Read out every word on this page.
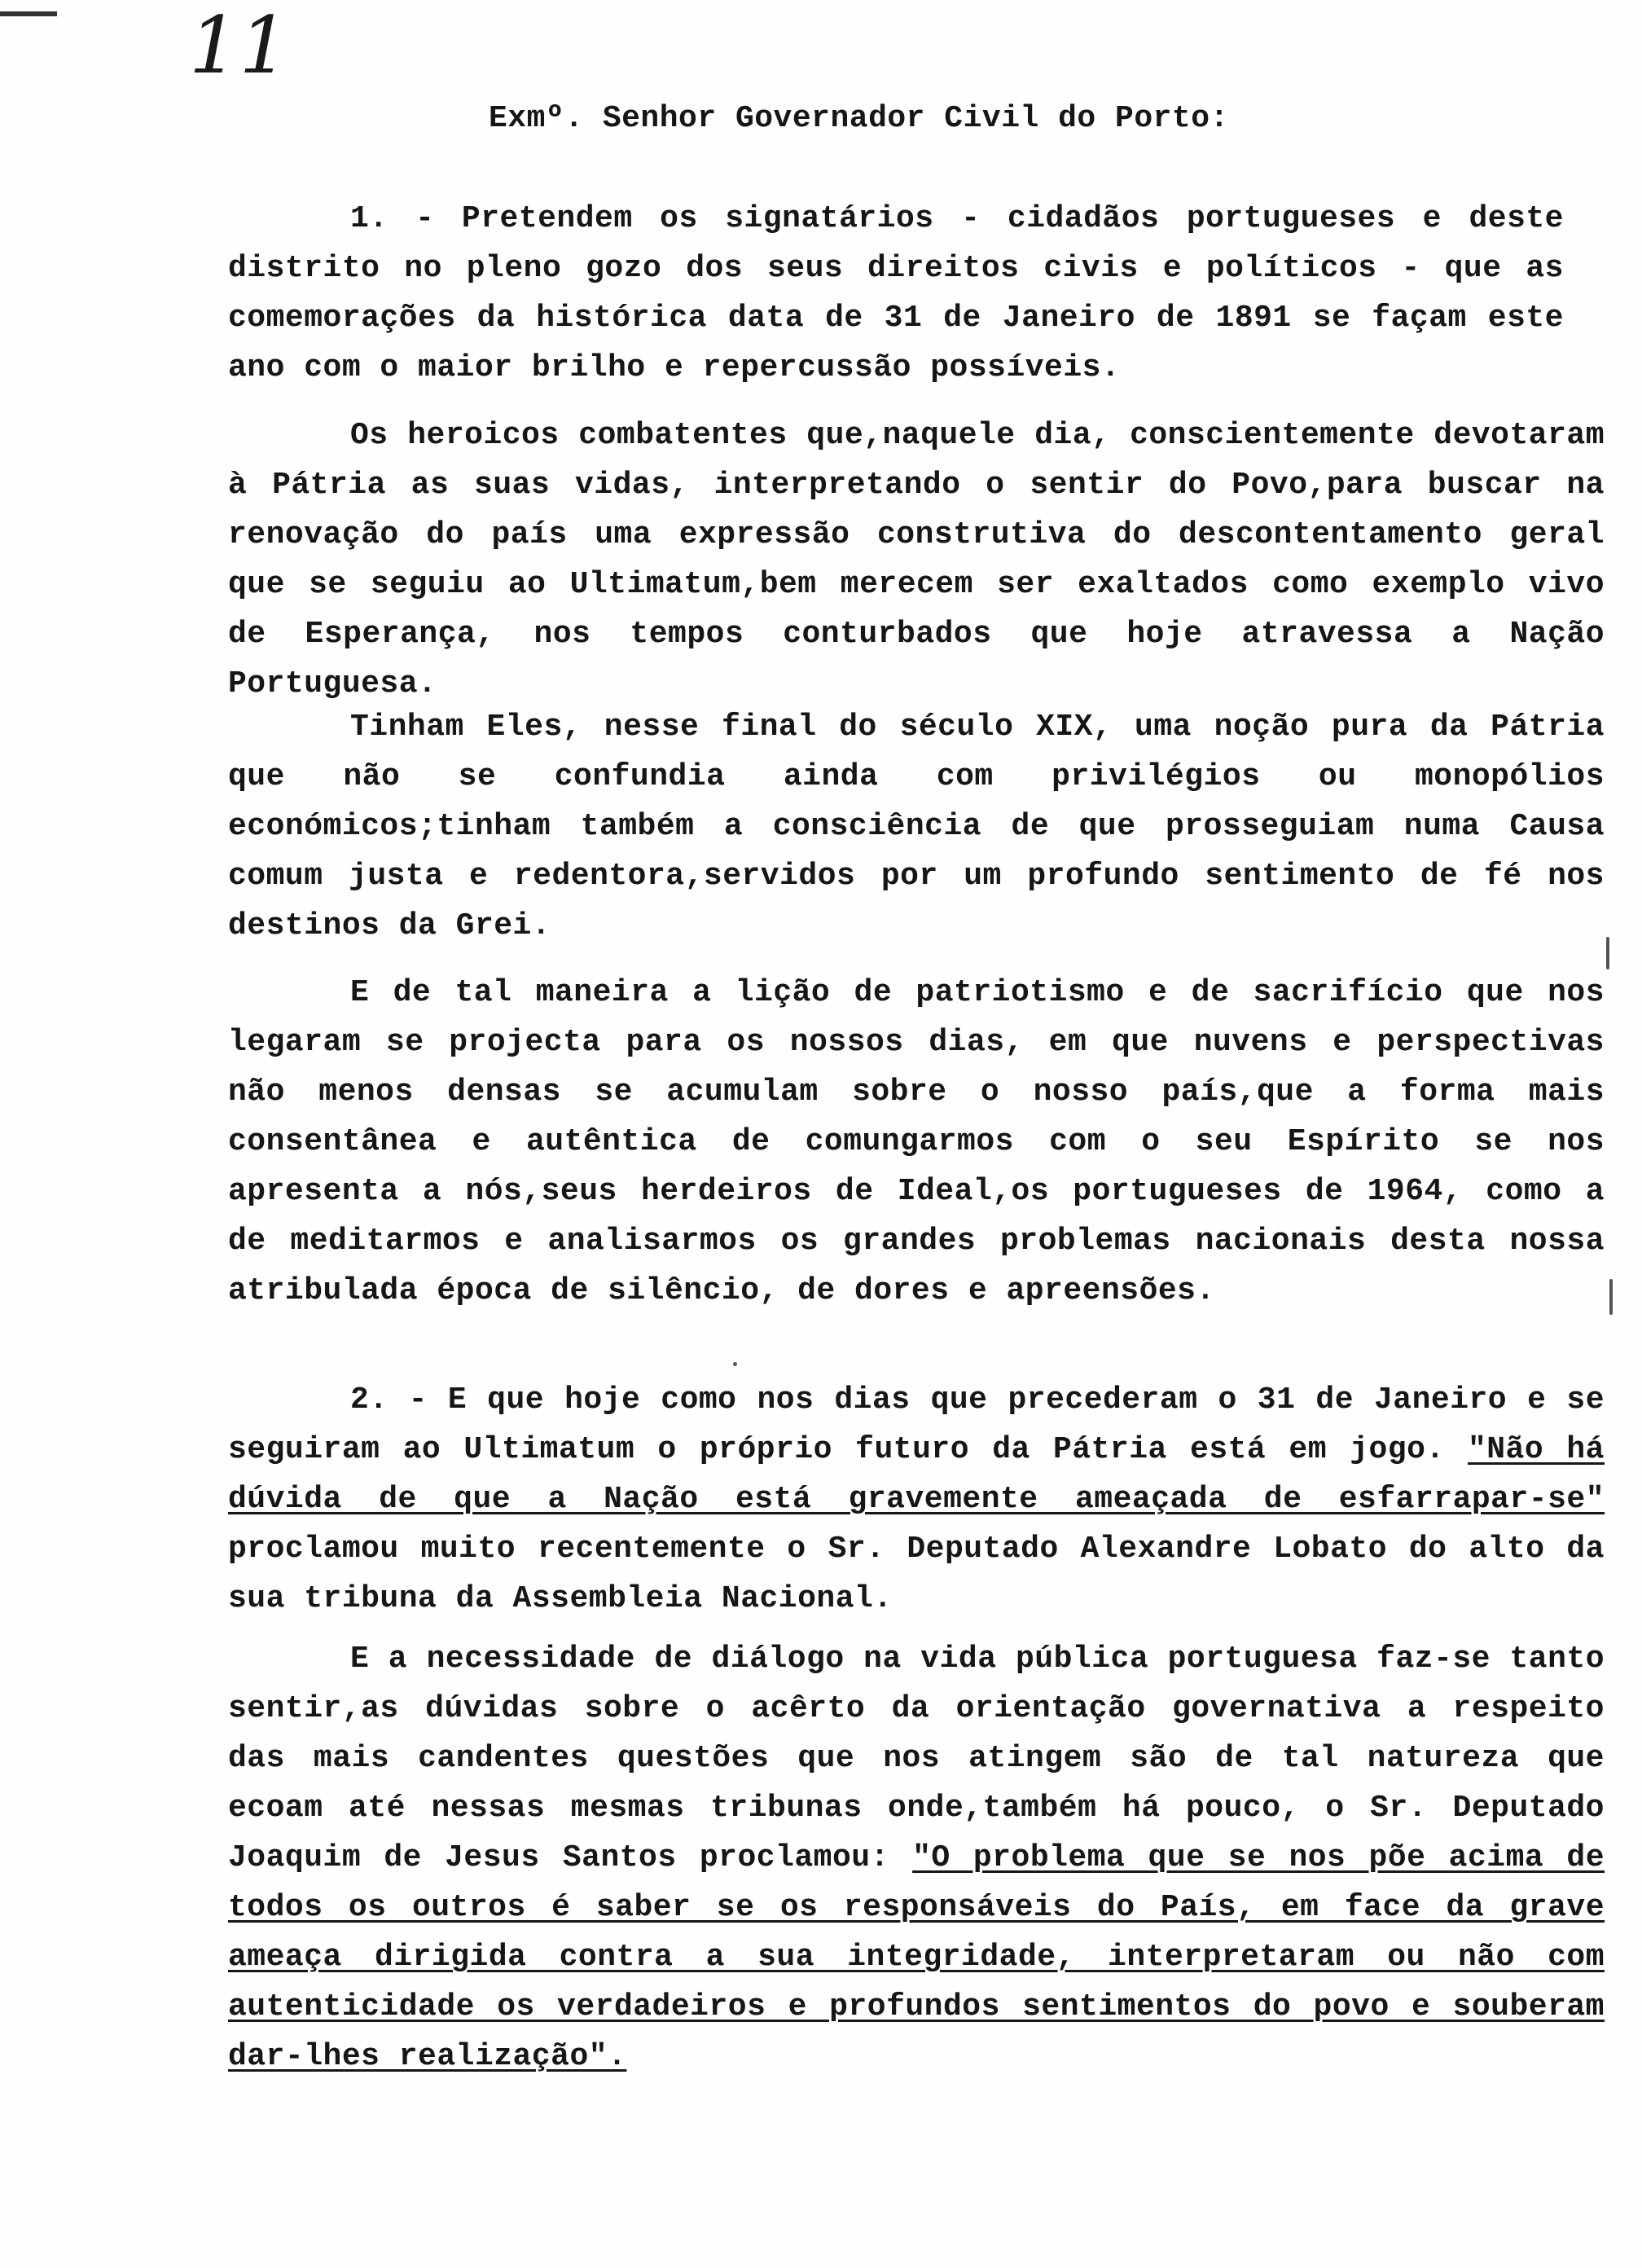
11
Exmº. Senhor Governador Civil do Porto:

1. - Pretendem os signatários - cidadãos portugueses e deste distrito no pleno gozo dos seus direitos civis e políticos - que as comemorações da histórica data de 31 de Janeiro de 1891 se façam este ano com o maior brilho e repercussão possíveis.

Os heroicos combatentes que,naquele dia, conscientemente devotaram à Pátria as suas vidas, interpretando o sentir do Povo,para buscar na renovação do país uma expressão construtiva do descontentamento geral que se seguiu ao Ultimatum,bem merecem ser exaltados como exemplo vivo de Esperança, nos tempos conturbados que hoje atravessa a Nação Portuguesa.

Tinham Eles, nesse final do século XIX, uma noção pura da Pátria que não se confundia ainda com privilégios ou monopólios económicos;tinham também a consciência de que prosseguiam numa Causa comum justa e redentora,servidos por um profundo sentimento de fé nos destinos da Grei.

E de tal maneira a lição de patriotismo e de sacrifício que nos legaram se projecta para os nossos dias, em que nuvens e perspectivas não menos densas se acumulam sobre o nosso país,que a forma mais consentânea e autêntica de comungarmos com o seu Espírito se nos apresenta a nós,seus herdeiros de Ideal,os portugueses de 1964, como a de meditarmos e analisarmos os grandes problemas nacionais desta nossa atribulada época de silêncio, de dores e apreensões.

2. - E que hoje como nos dias que precederam o 31 de Janeiro e se seguiram ao Ultimatum o próprio futuro da Pátria está em jogo. "Não há dúvida de que a Nação está gravemente ameaçada de esfarrapar-se" proclamou muito recentemente o Sr. Deputado Alexandre Lobato do alto da sua tribuna da Assembleia Nacional.

E a necessidade de diálogo na vida pública portuguesa faz-se tanto sentir,as dúvidas sobre o acêrto da orientação governativa a respeito das mais candentes questões que nos atingem são de tal natureza que ecoam até nessas mesmas tribunas onde,também há pouco, o Sr. Deputado Joaquim de Jesus Santos proclamou: "O problema que se nos põe acima de todos os outros é saber se os responsáveis do País, em face da grave ameaça dirigida contra a sua integridade, interpretaram ou não com autenticidade os verdadeiros e profundos sentimentos do povo e souberam dar-lhes realização".
